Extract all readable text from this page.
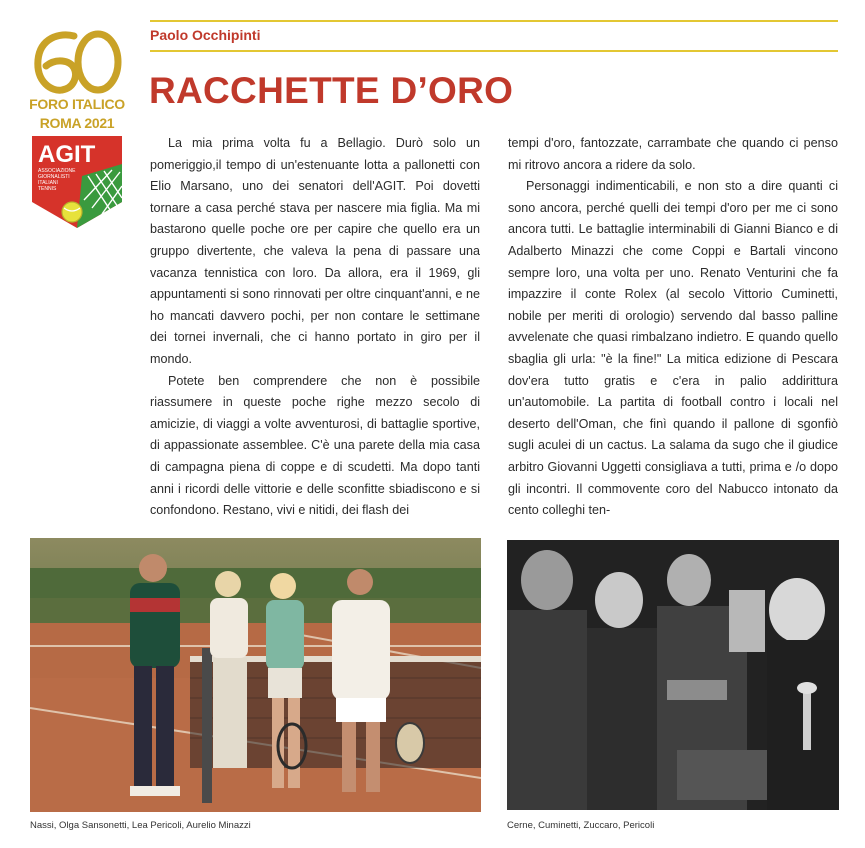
FORO ITALICO
ROMA 2021
AGIT
ASSOCIAZIONE
GIORNALISTI
ITALIANI
TENNIS
Paolo Occhipinti
RACCHETTE D’ORO

La mia prima volta fu a Bellagio. Durò solo un pomeriggio,il tempo di un'estenuante lotta a pallonetti con Elio Marsano, uno dei senatori dell'AGIT. Poi dovetti tornare a casa perché stava per nascere mia figlia. Ma mi bastarono quelle poche ore per capire che quello era un gruppo divertente, che valeva la pena di passare una vacanza tennistica con loro. Da allora, era il 1969, gli appuntamenti si sono rinnovati per oltre cinquant'anni, e ne ho mancati davvero pochi, per non contare le settimane dei tornei invernali, che ci hanno portato in giro per il mondo.

Potete ben comprendere che non è possibile riassumere in queste poche righe mezzo secolo di amicizie, di viaggi a volte avventurosi, di battaglie sportive, di appassionate assemblee. C'è una parete della mia casa di campagna piena di coppe e di scudetti. Ma dopo tanti anni i ricordi delle vittorie e delle sconfitte sbiadiscono e si confondono. Restano, vivi e nitidi, dei flash dei

tempi d'oro, fantozzate, carrambate che quando ci penso mi ritrovo ancora a ridere da solo.

Personaggi indimenticabili, e non sto a dire quanti ci sono ancora, perché quelli dei tempi d'oro per me ci sono ancora tutti. Le battaglie interminabili di Gianni Bianco e di Adalberto Minazzi che come Coppi e Bartali vincono sempre loro, una volta per uno. Renato Venturini che fa impazzire il conte Rolex (al secolo Vittorio Cuminetti, nobile per meriti di orologio) servendo dal basso palline avvelenate che quasi rimbalzano indietro. E quando quello sbaglia gli urla: "è la fine!" La mitica edizione di Pescara dov'era tutto gratis e c'era in palio addirittura un'automobile. La partita di football contro i locali nel deserto dell'Oman, che finì quando il pallone di sgonfiò sugli aculei di un cactus. La salama da sugo che il giudice arbitro Giovanni Uggetti consigliava a tutti, prima e /o dopo gli incontri. Il commovente coro del Nabucco intonato da cento colleghi ten-

Nassi, Olga Sansonetti, Lea Pericoli, Aurelio Minazzi	Cerne, Cuminetti, Zuccaro, Pericoli
